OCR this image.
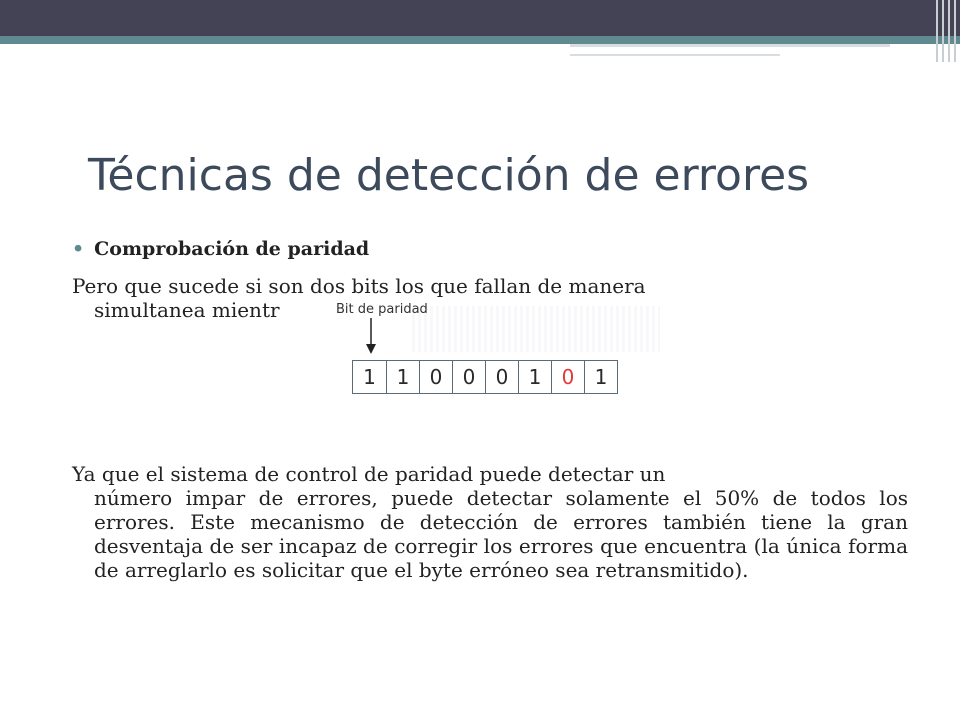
Técnicas de detección de errores
• Comprobación de paridad

Pero que sucede si son dos bits los que fallan de manera
simultanea mientr	Bit de paridad
1	1	0	0	0	1	0	1

Ya que el sistema de control de paridad puede detectar un
número impar de errores, puede detectar solamente el 50% de todos los errores. Este mecanismo de detección de errores también tiene la gran desventaja de ser incapaz de corregir los errores que encuentra (la única forma de arreglarlo es solicitar que el byte erróneo sea retransmitido).
